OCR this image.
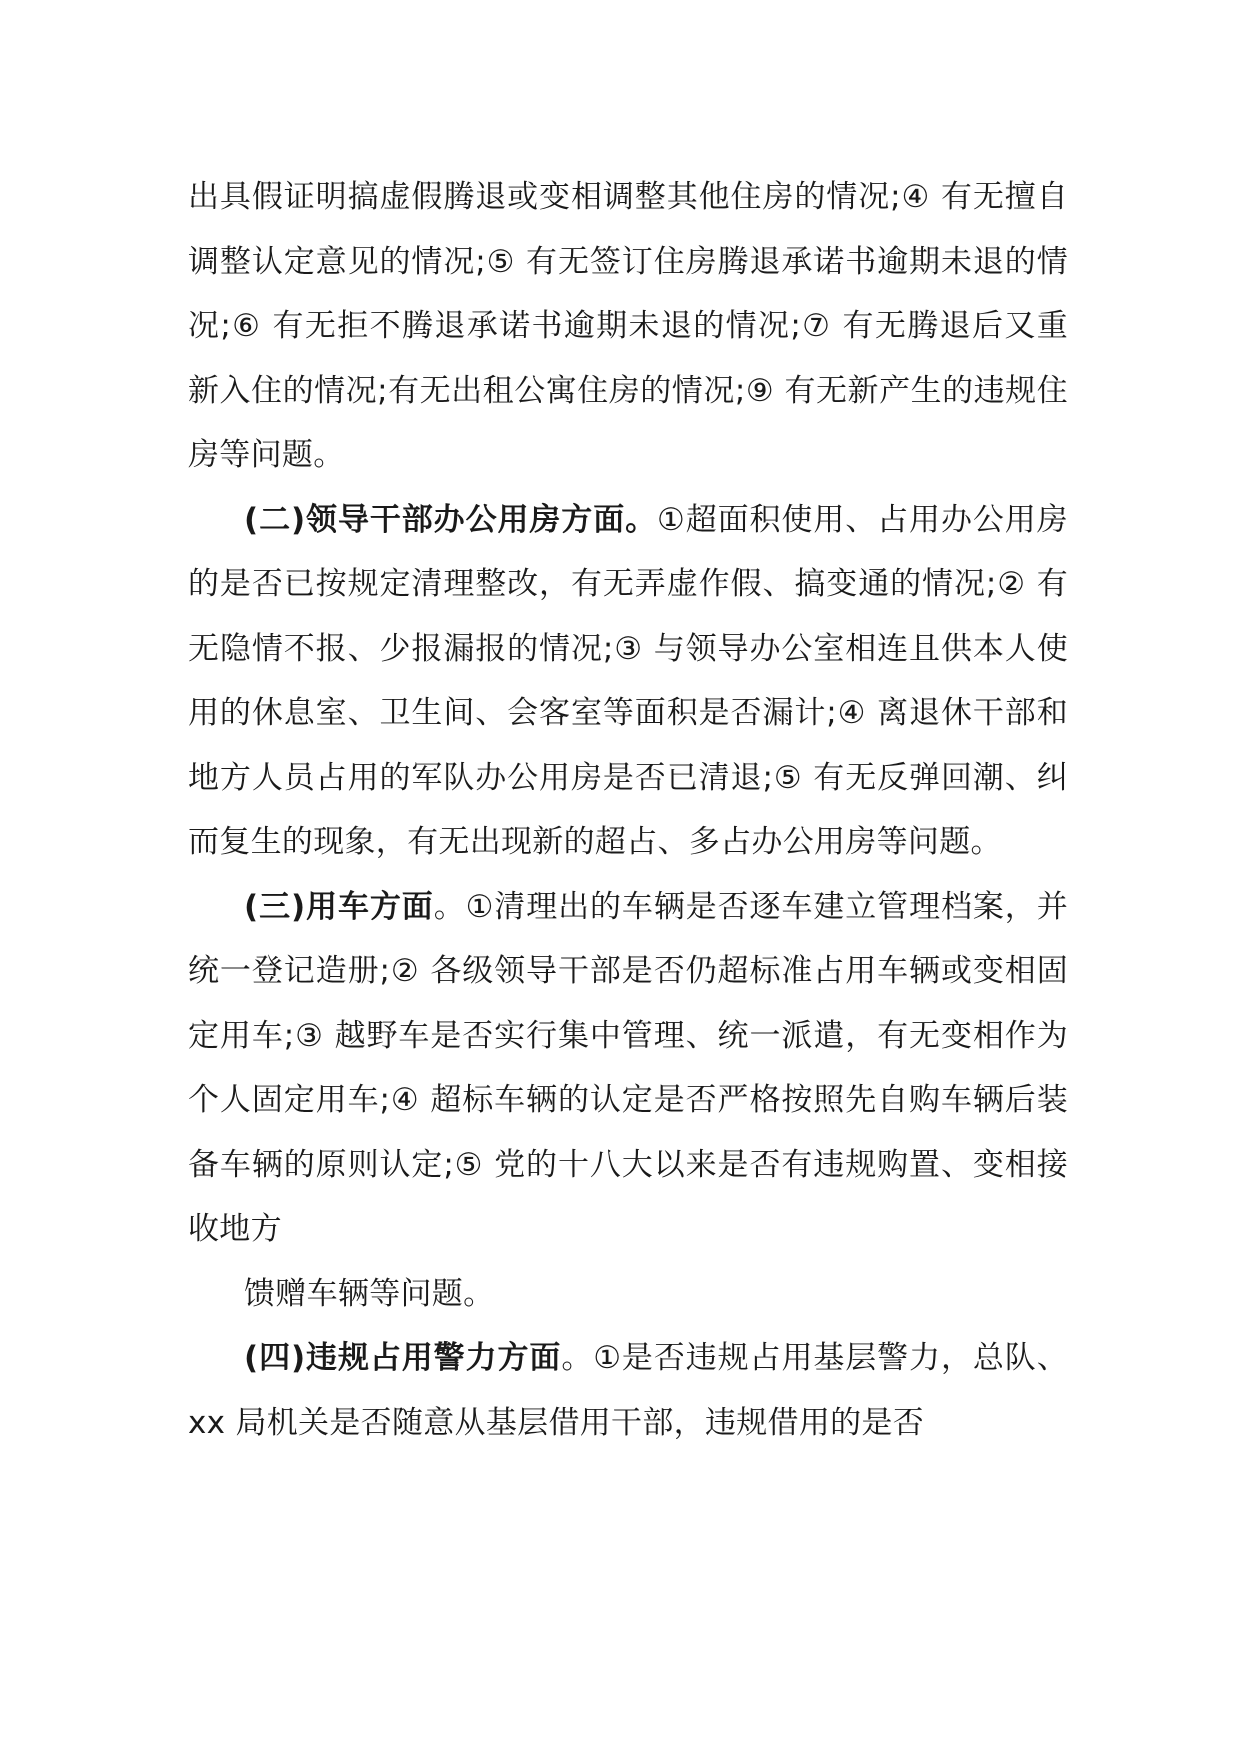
出具假证明搞虚假腾退或变相调整其他住房的情况;④ 有无擅自调整认定意见的情况;⑤ 有无签订住房腾退承诺书逾期未退的情况;⑥ 有无拒不腾退承诺书逾期未退的情况;⑦ 有无腾退后又重新入住的情况;有无出租公寓住房的情况;⑨ 有无新产生的违规住房等问题。

(二)领导干部办公用房方面。①超面积使用、占用办公用房的是否已按规定清理整改，有无弄虚作假、搞变通的情况;② 有无隐情不报、少报漏报的情况;③ 与领导办公室相连且供本人使用的休息室、卫生间、会客室等面积是否漏计;④ 离退休干部和地方人员占用的军队办公用房是否已清退;⑤ 有无反弹回潮、纠而复生的现象，有无出现新的超占、多占办公用房等问题。

(三)用车方面。①清理出的车辆是否逐车建立管理档案，并统一登记造册;② 各级领导干部是否仍超标准占用车辆或变相固定用车;③ 越野车是否实行集中管理、统一派遣，有无变相作为个人固定用车;④ 超标车辆的认定是否严格按照先自购车辆后装备车辆的原则认定;⑤ 党的十八大以来是否有违规购置、变相接收地方

馈赠车辆等问题。

(四)违规占用警力方面。①是否违规占用基层警力，总队、xx 局机关是否随意从基层借用干部，违规借用的是否
